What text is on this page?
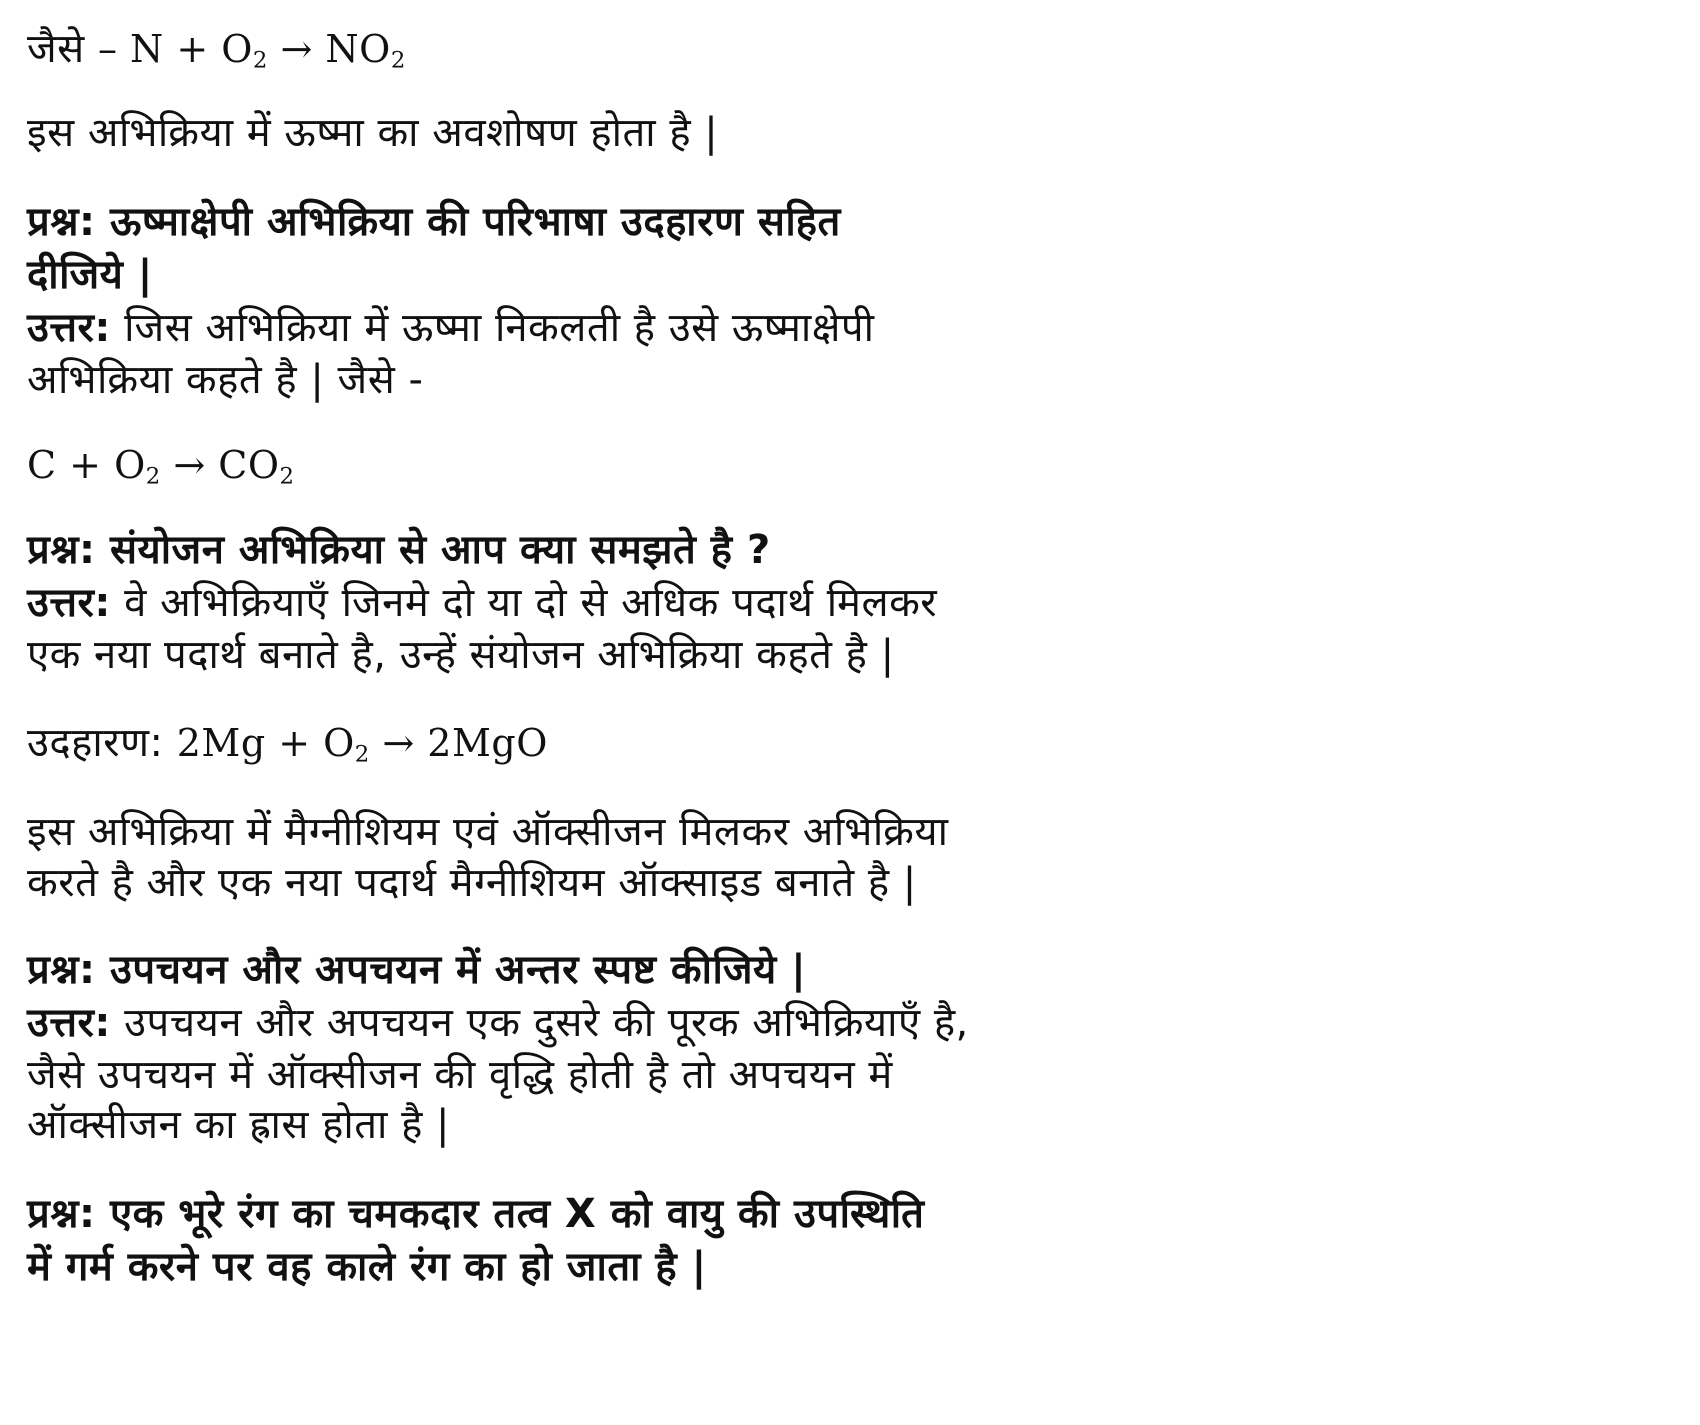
जैसे – $N + O_2 \to NO_2$
इस अभिक्रिया में ऊष्मा का अवशोषण होता है |
प्रश्न: ऊष्माक्षेपी अभिक्रिया की परिभाषा उदहारण सहित
दीजिये |
उत्तर: जिस अभिक्रिया में ऊष्मा निकलती है उसे ऊष्माक्षेपी
अभिक्रिया कहते है | जैसे -
$C + O_2 \to CO_2$
प्रश्न: संयोजन अभिक्रिया से आप क्या समझते है ?
उत्तर: वे अभिक्रियाएँ जिनमे दो या दो से अधिक पदार्थ मिलकर
एक नया पदार्थ बनाते है, उन्हें संयोजन अभिक्रिया कहते है |
उदहारण: $2Mg + O_2 \to 2MgO$
इस अभिक्रिया में मैग्नीशियम एवं ऑक्सीजन मिलकर अभिक्रिया
करते है और एक नया पदार्थ मैग्नीशियम ऑक्साइड बनाते है |
प्रश्न: उपचयन और अपचयन में अन्तर स्पष्ट कीजिये |
उत्तर: उपचयन और अपचयन एक दुसरे की पूरक अभिक्रियाएँ है,
जैसे उपचयन में ऑक्सीजन की वृद्धि होती है तो अपचयन में
ऑक्सीजन का ह्रास होता है |
प्रश्न: एक भूरे रंग का चमकदार तत्व X को वायु की उपस्थिति
में गर्म करने पर वह काले रंग का हो जाता है |
